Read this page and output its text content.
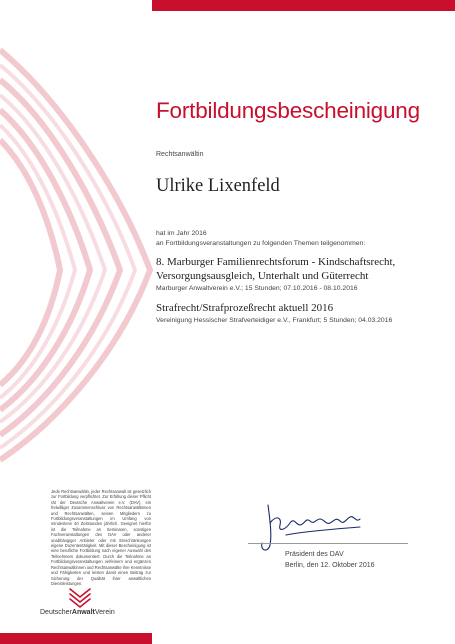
Fortbildungsbescheinigung
Rechtsanwältin
Ulrike Lixenfeld
hat im Jahr 2016
an Fortbildungsveranstaltungen zu folgenden Themen teilgenommen:
8. Marburger Familienrechtsforum - Kindschaftsrecht,
Versorgungsausgleich, Unterhalt und Güterrecht
Marburger Anwaltverein e.V.; 15 Stunden; 07.10.2016 - 08.10.2016
Strafrecht/Strafprozeßrecht aktuell 2016
Vereinigung Hessischer Strafverteidiger e.V., Frankfurt; 5 Stunden; 04.03.2016
Jede Rechtsanwältin, jeder Rechtsanwalt ist gesetzlich zur Fortbildung verpflichtet. Zur Erfüllung dieser Pflicht rät der Deutsche Anwaltverein e.V. (DAV), ein freiwilliger Zusammenschluss von Rechtsanwältinnen und Rechtsanwälten, seinen Mitgliedern zu Fortbildungsveranstaltungen im Umfang von mindestens 40 Zeitstunden jährlich. Geeignet hierfür ist die Teilnahme an Seminaren, sonstigen Fachveranstaltungen des DAV oder anderer unabhängiger Anbieter oder mit Einschränkungen eigene Dozententätigkeit. Mit dieser Bescheinigung ist eine berufliche Fortbildung nach eigener Auswahl des Teilnehmers dokumentiert. Durch die Teilnahme an Fortbildungsveranstaltungen verfeinern und ergänzen Rechtsanwältinnen und Rechtsanwälte ihre Kenntnisse und Fähigkeiten und leisten damit einen Beitrag zur Sicherung der Qualität ihrer anwaltlichen Dienstleistungen.
Präsident des DAV
Berlin, den 12. Oktober 2016
DeutscherAnwaltVerein
